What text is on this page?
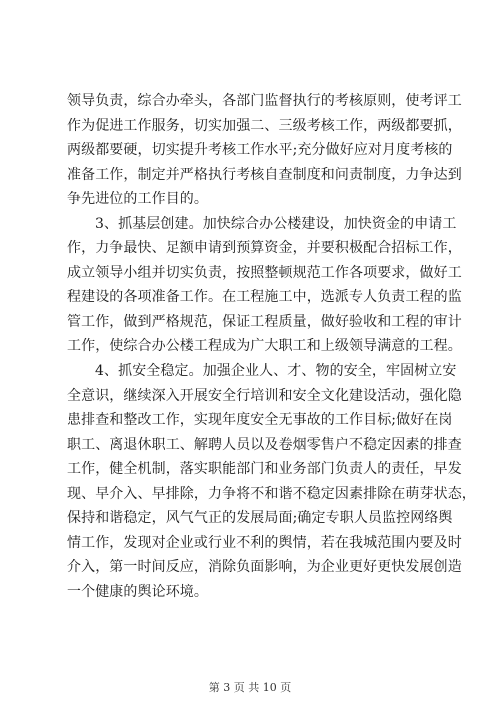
领导负责，综合办牵头，各部门监督执行的考核原则，使考评工
作为促进工作服务，切实加强二、三级考核工作，两级都要抓，
两级都要硬，切实提升考核工作水平;充分做好应对月度考核的
准备工作，制定并严格执行考核自查制度和问责制度，力争达到
争先进位的工作目的。
3、抓基层创建。加快综合办公楼建设，加快资金的申请工
作，力争最快、足额申请到预算资金，并要积极配合招标工作，
成立领导小组并切实负责，按照整顿规范工作各项要求，做好工
程建设的各项准备工作。在工程施工中，选派专人负责工程的监
管工作，做到严格规范，保证工程质量，做好验收和工程的审计
工作，使综合办公楼工程成为广大职工和上级领导满意的工程。
4、抓安全稳定。加强企业人、才、物的安全，牢固树立安
全意识，继续深入开展安全行培训和安全文化建设活动，强化隐
患排查和整改工作，实现年度安全无事故的工作目标;做好在岗
职工、离退休职工、解聘人员以及卷烟零售户不稳定因素的排查
工作，健全机制，落实职能部门和业务部门负责人的责任，早发
现、早介入、早排除，力争将不和谐不稳定因素排除在萌芽状态，
保持和谐稳定，风气气正的发展局面;确定专职人员监控网络舆
情工作，发现对企业或行业不利的舆情，若在我城范围内要及时
介入，第一时间反应，消除负面影响，为企业更好更快发展创造
一个健康的舆论环境。
第 3 页 共 10 页
